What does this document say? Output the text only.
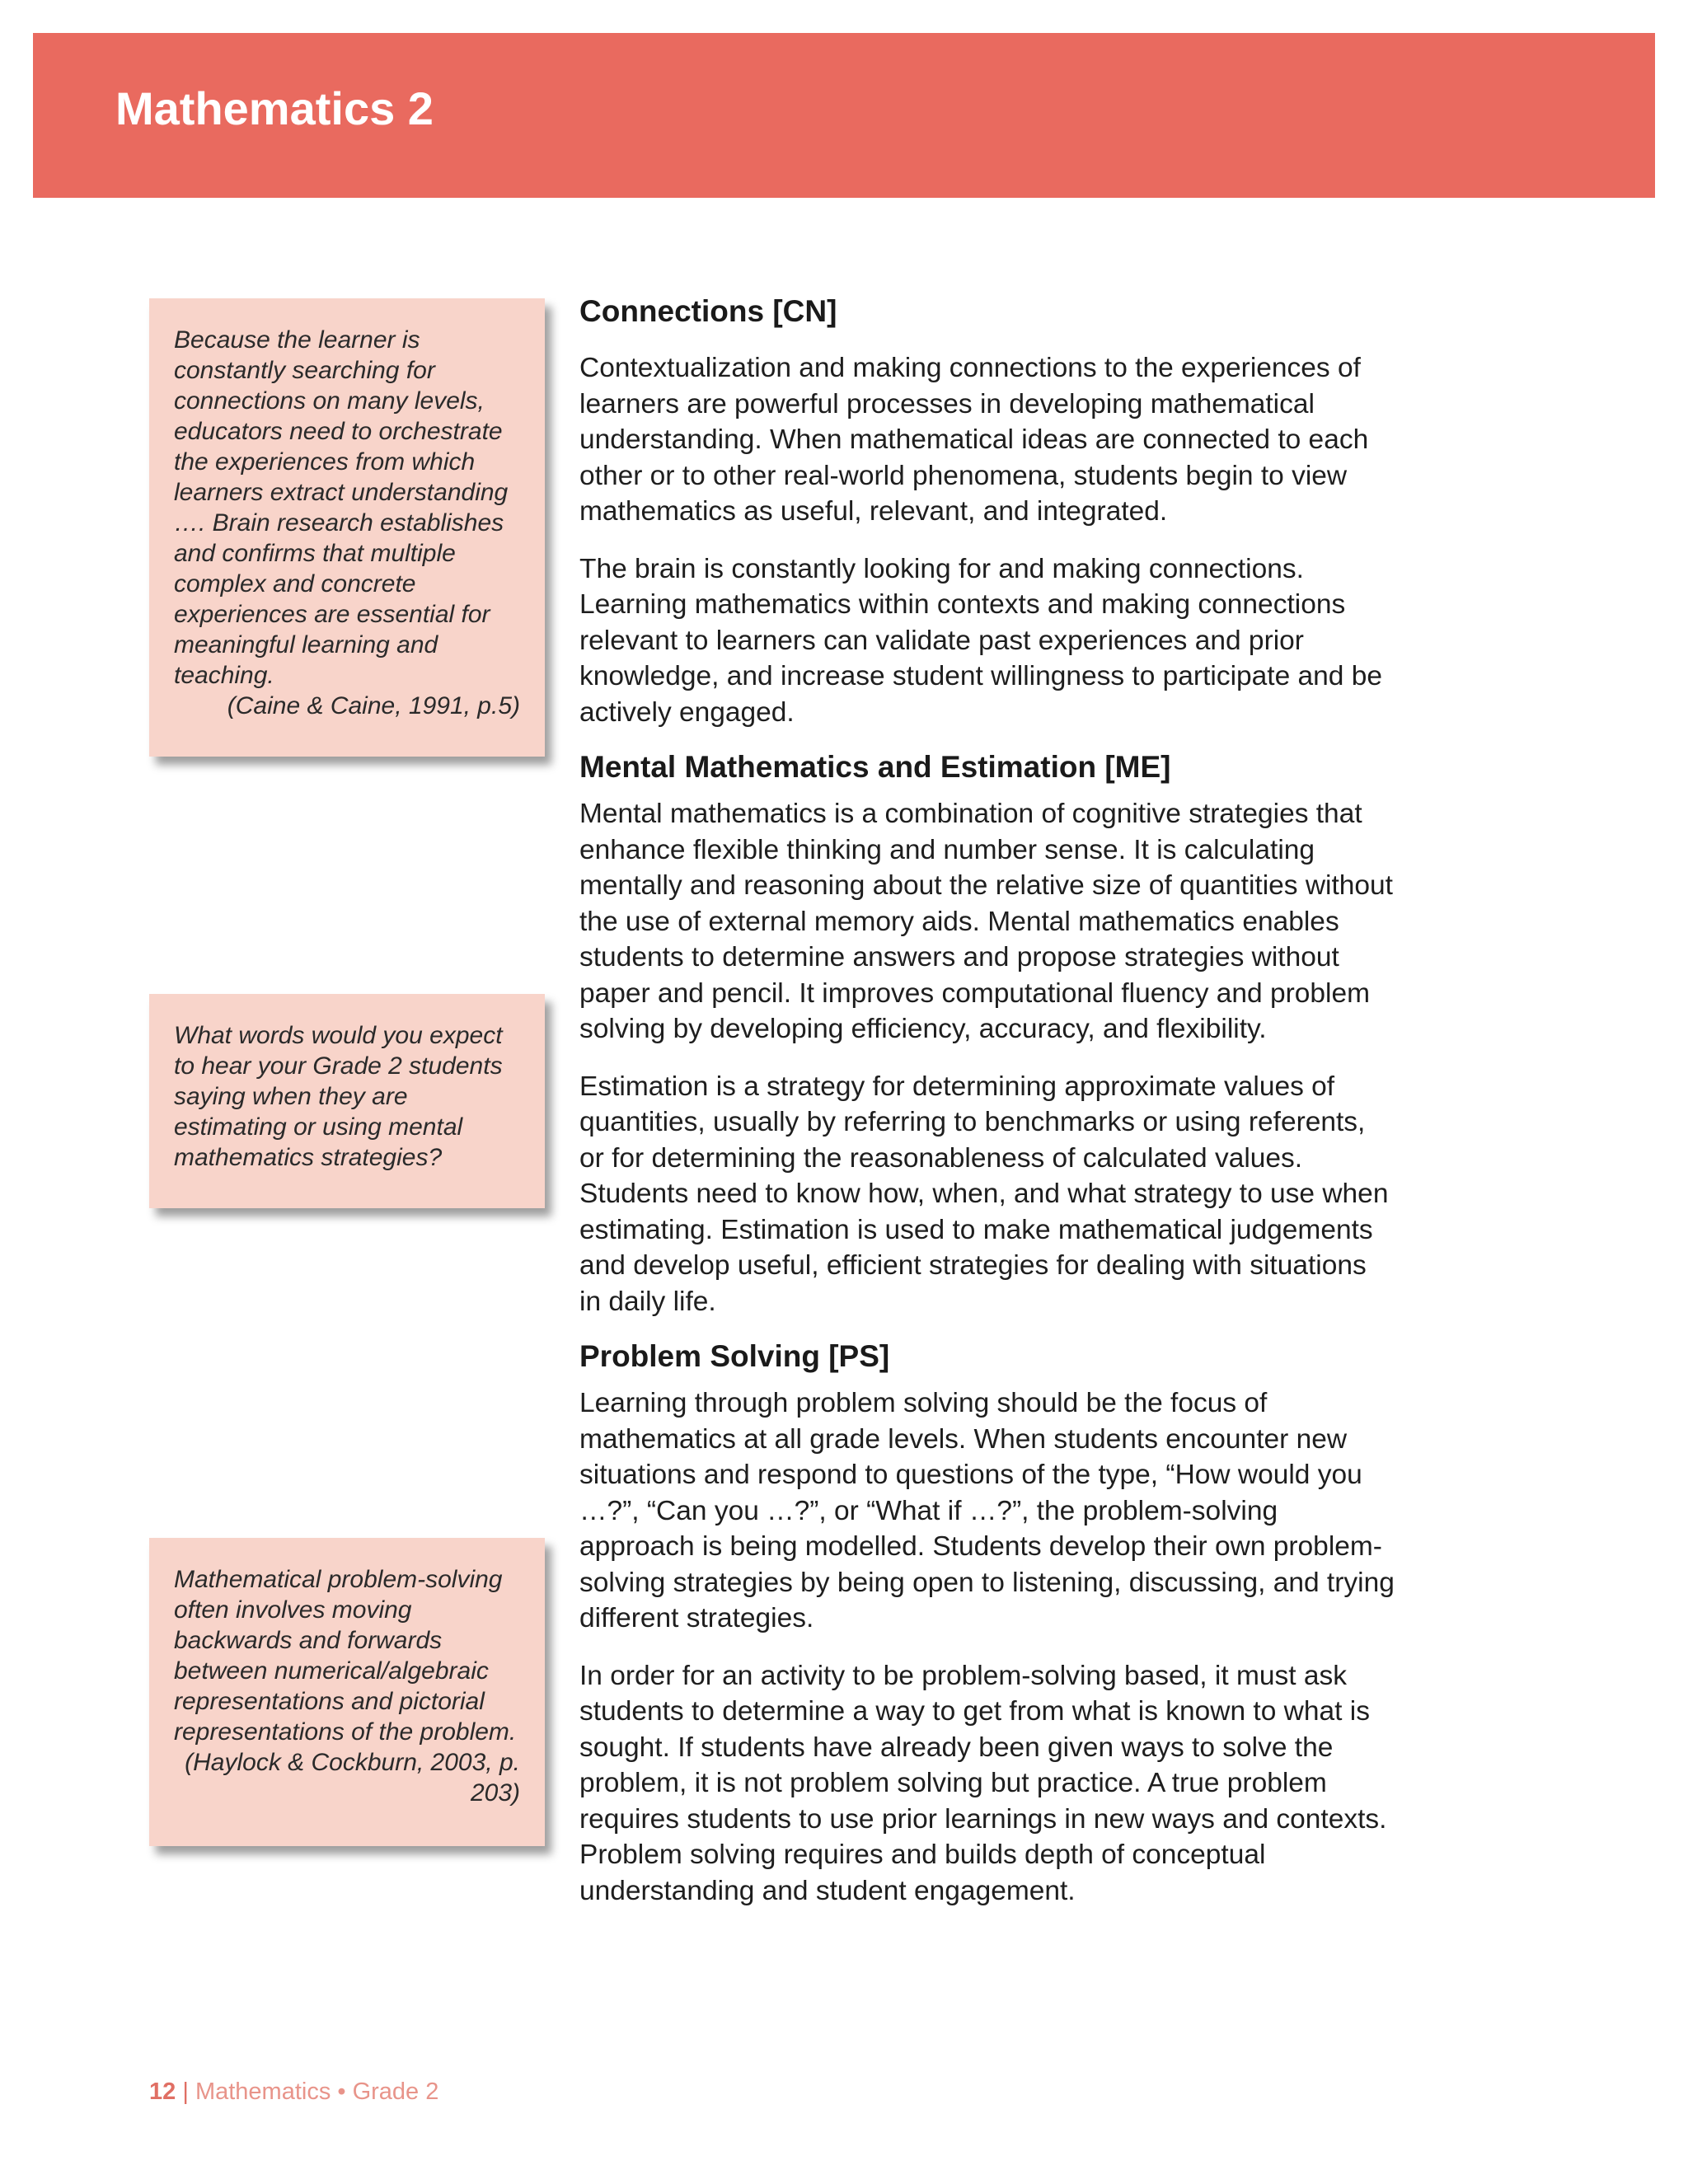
Mathematics 2

Because the learner is constantly searching for connections on many levels, educators need to orchestrate the experiences from which learners extract understanding …. Brain research establishes and confirms that multiple complex and concrete experiences are essential for meaningful learning and teaching.

(Caine & Caine, 1991, p.5)

What words would you expect to hear your Grade 2 students saying when they are estimating or using mental mathematics strategies?

Mathematical problem-solving often involves moving backwards and forwards between numerical/algebraic representations and pictorial representations of the problem.

(Haylock & Cockburn, 2003, p. 203)

Connections [CN]

Contextualization and making connections to the experiences of learners are powerful processes in developing mathematical understanding. When mathematical ideas are connected to each other or to other real-world phenomena, students begin to view mathematics as useful, relevant, and integrated.

The brain is constantly looking for and making connections. Learning mathematics within contexts and making connections relevant to learners can validate past experiences and prior knowledge, and increase student willingness to participate and be actively engaged.

Mental Mathematics and Estimation [ME]

Mental mathematics is a combination of cognitive strategies that enhance flexible thinking and number sense. It is calculating mentally and reasoning about the relative size of quantities without the use of external memory aids. Mental mathematics enables students to determine answers and propose strategies without paper and pencil. It improves computational fluency and problem solving by developing efficiency, accuracy, and flexibility.

Estimation is a strategy for determining approximate values of quantities, usually by referring to benchmarks or using referents, or for determining the reasonableness of calculated values. Students need to know how, when, and what strategy to use when estimating. Estimation is used to make mathematical judgements and develop useful, efficient strategies for dealing with situations in daily life.

Problem Solving [PS]

Learning through problem solving should be the focus of mathematics at all grade levels. When students encounter new situations and respond to questions of the type, “How would you …?”, “Can you …?”, or “What if …?”, the problem-solving approach is being modelled. Students develop their own problem-solving strategies by being open to listening, discussing, and trying different strategies.

In order for an activity to be problem-solving based, it must ask students to determine a way to get from what is known to what is sought. If students have already been given ways to solve the problem, it is not problem solving but practice. A true problem requires students to use prior learnings in new ways and contexts. Problem solving requires and builds depth of conceptual understanding and student engagement.

12 | Mathematics • Grade 2
